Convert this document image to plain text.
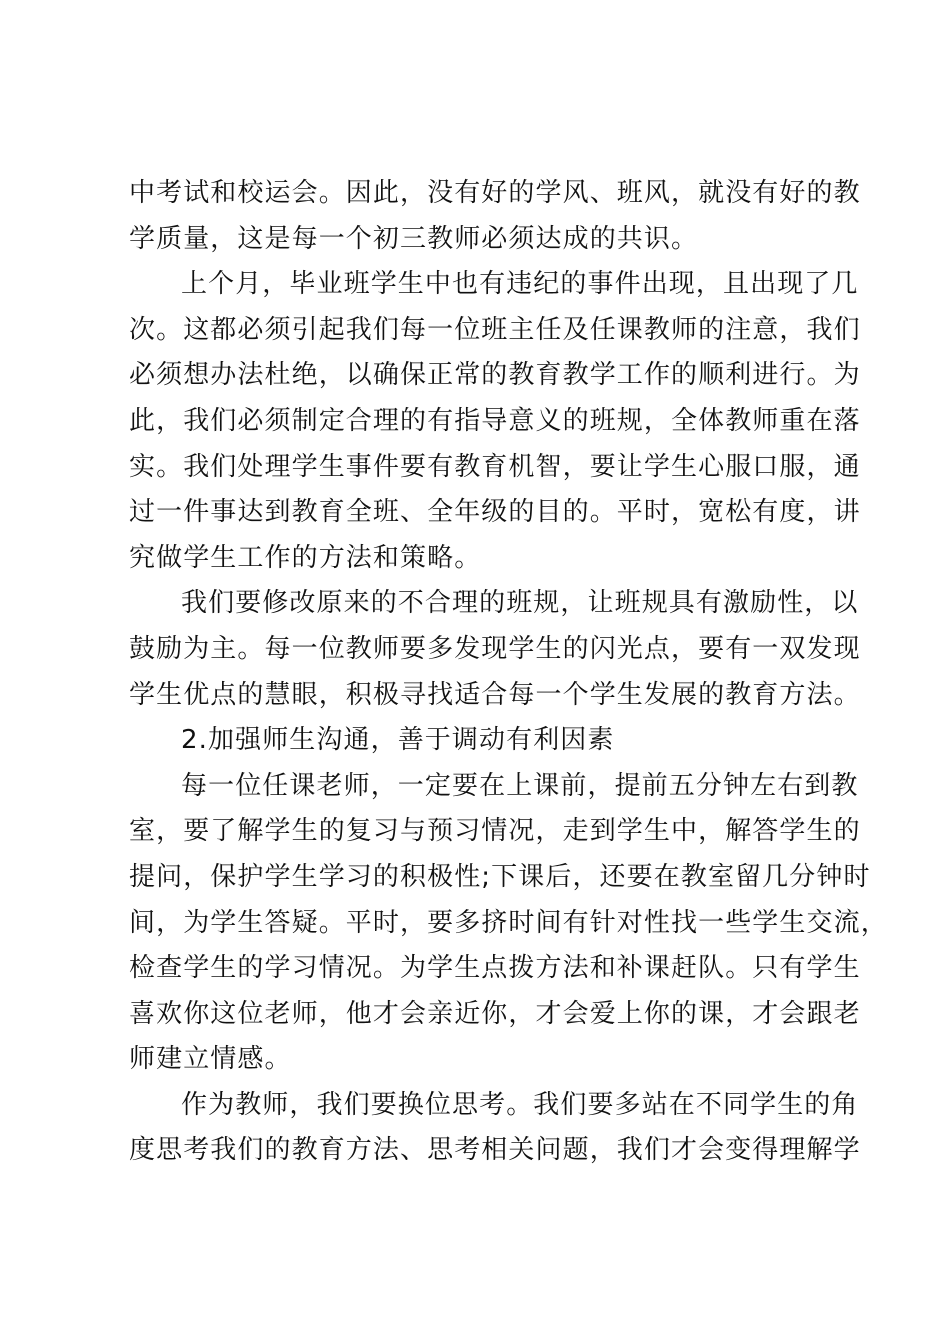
中考试和校运会。因此，没有好的学风、班风，就没有好的教
学质量，这是每一个初三教师必须达成的共识。

上个月，毕业班学生中也有违纪的事件出现，且出现了几
次。这都必须引起我们每一位班主任及任课教师的注意，我们
必须想办法杜绝，以确保正常的教育教学工作的顺利进行。为
此，我们必须制定合理的有指导意义的班规，全体教师重在落
实。我们处理学生事件要有教育机智，要让学生心服口服，通
过一件事达到教育全班、全年级的目的。平时，宽松有度，讲
究做学生工作的方法和策略。

我们要修改原来的不合理的班规，让班规具有激励性，以
鼓励为主。每一位教师要多发现学生的闪光点，要有一双发现
学生优点的慧眼，积极寻找适合每一个学生发展的教育方法。

2.加强师生沟通，善于调动有利因素

每一位任课老师，一定要在上课前，提前五分钟左右到教
室，要了解学生的复习与预习情况，走到学生中，解答学生的
提问，保护学生学习的积极性;下课后，还要在教室留几分钟时
间，为学生答疑。平时，要多挤时间有针对性找一些学生交流，
检查学生的学习情况。为学生点拨方法和补课赶队。只有学生
喜欢你这位老师，他才会亲近你，才会爱上你的课，才会跟老
师建立情感。

作为教师，我们要换位思考。我们要多站在不同学生的角
度思考我们的教育方法、思考相关问题，我们才会变得理解学
